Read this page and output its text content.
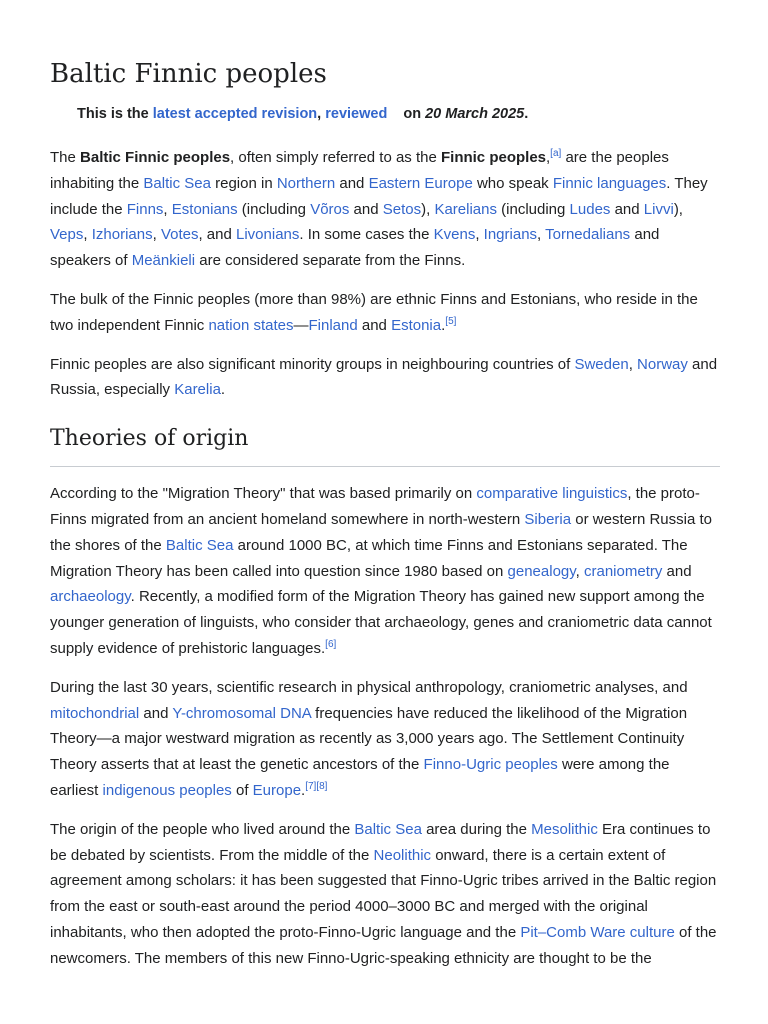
Baltic Finnic peoples
This is the latest accepted revision, reviewed on 20 March 2025.

The Baltic Finnic peoples, often simply referred to as the Finnic peoples,[a] are the peoples inhabiting the Baltic Sea region in Northern and Eastern Europe who speak Finnic languages. They include the Finns, Estonians (including Võros and Setos), Karelians (including Ludes and Livvi), Veps, Izhorians, Votes, and Livonians. In some cases the Kvens, Ingrians, Tornedalians and speakers of Meänkieli are considered separate from the Finns.

The bulk of the Finnic peoples (more than 98%) are ethnic Finns and Estonians, who reside in the two independent Finnic nation states—Finland and Estonia.[5]

Finnic peoples are also significant minority groups in neighbouring countries of Sweden, Norway and Russia, especially Karelia.

Theories of origin

According to the "Migration Theory" that was based primarily on comparative linguistics, the proto-Finns migrated from an ancient homeland somewhere in north-western Siberia or western Russia to the shores of the Baltic Sea around 1000 BC, at which time Finns and Estonians separated. The Migration Theory has been called into question since 1980 based on genealogy, craniometry and archaeology. Recently, a modified form of the Migration Theory has gained new support among the younger generation of linguists, who consider that archaeology, genes and craniometric data cannot supply evidence of prehistoric languages.[6]

During the last 30 years, scientific research in physical anthropology, craniometric analyses, and mitochondrial and Y-chromosomal DNA frequencies have reduced the likelihood of the Migration Theory—a major westward migration as recently as 3,000 years ago. The Settlement Continuity Theory asserts that at least the genetic ancestors of the Finno-Ugric peoples were among the earliest indigenous peoples of Europe.[7][8]

The origin of the people who lived around the Baltic Sea area during the Mesolithic Era continues to be debated by scientists. From the middle of the Neolithic onward, there is a certain extent of agreement among scholars: it has been suggested that Finno-Ugric tribes arrived in the Baltic region from the east or south-east around the period 4000–3000 BC and merged with the original inhabitants, who then adopted the proto-Finno-Ugric language and the Pit–Comb Ware culture of the newcomers. The members of this new Finno-Ugric-speaking ethnicity are thought to be the
